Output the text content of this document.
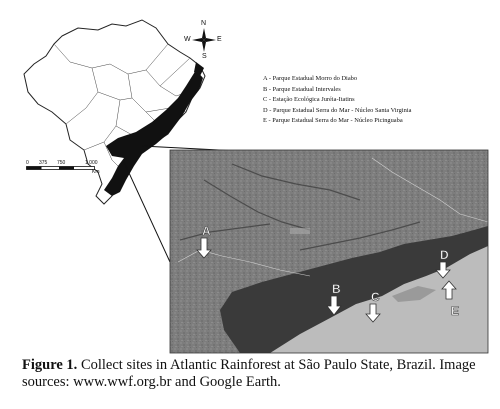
A
B
C
D
E
N
S
E
W
0 375 750	1,000
Km
A - Parque Estadual Morro do Diabo
B - Parque Estadual Intervales
C - Estação Ecológica Juréia-Itatins
D - Parque Estadual Serra do Mar - Núcleo Santa Virginia
E - Parque Estadual Serra do Mar - Núcleo Picinguaba
Figure 1. Collect sites in Atlantic Rainforest at São Paulo State, Brazil. Image sources: www.wwf.org.br and Google Earth.
